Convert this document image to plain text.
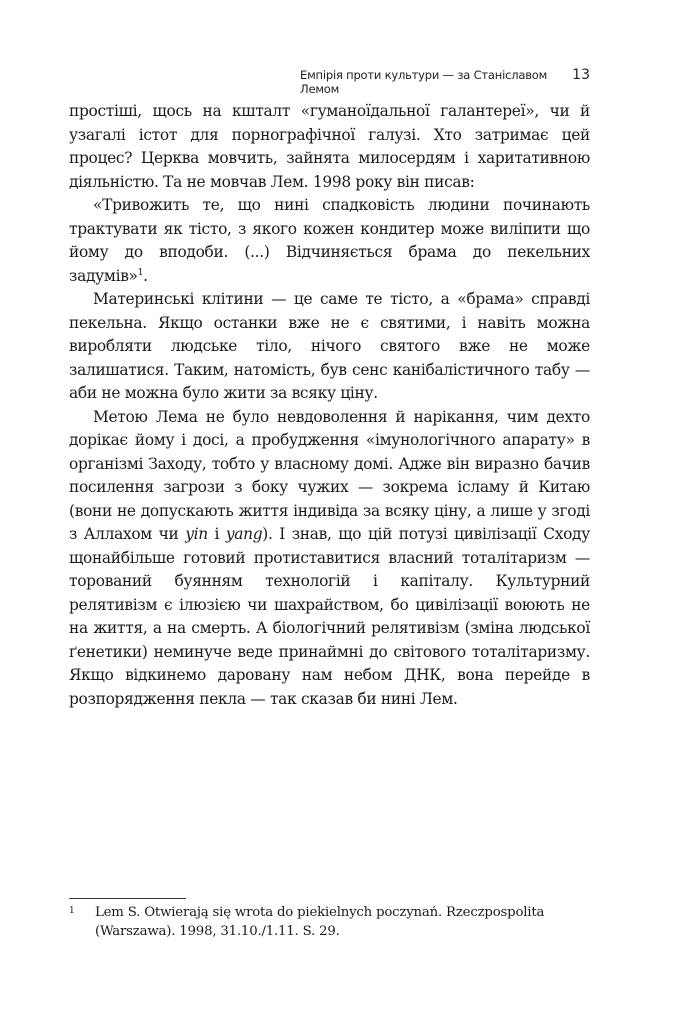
Емпірія проти культури — за Станіславом Лемом
13

простіші, щось на кшталт «гуманоїдальної галантереї», чи й узагалі істот для порнографічної галузі. Хто затримає цей процес? Церква мовчить, зайнята милосердям і харитативною діяльністю. Та не мовчав Лем. 1998 року він писав:

«Тривожить те, що нині спадковість людини починають трактувати як тісто, з якого кожен кондитер може виліпити що йому до вподоби. (...) Відчиняється брама до пекельних задумів»$^1$.

Материнські клітини — це саме те тісто, а «брама» справді пекельна. Якщо останки вже не є святими, і навіть можна виробляти людське тіло, нічого святого вже не може залишатися. Таким, натомість, був сенс канібалістичного табу — аби не можна було жити за всяку ціну.

Метою Лема не було невдоволення й нарікання, чим дехто дорікає йому і досі, а пробудження «імунологічного апарату» в організмі Заходу, тобто у власному домі. Адже він виразно бачив посилення загрози з боку чужих — зокрема ісламу й Китаю (вони не допускають життя індивіда за всяку ціну, а лише у згоді з Аллахом чи yin і yang). І знав, що цій потузі цивілізації Сходу щонайбільше готовий протиставитися власний тоталітаризм — торований буянням технологій і капіталу. Культурний релятивізм є ілюзією чи шахрайством, бо цивілізації воюють не на життя, а на смерть. А біологічний релятивізм (зміна людської ґенетики) неминуче веде принаймні до світового тоталітаризму. Якщо відкинемо даровану нам небом ДНК, вона перейде в розпорядження пекла — так сказав би нині Лем.

1	Lem S. Otwierają się wrota do piekielnych poczynań. Rzeczpospolita (Warszawa). 1998, 31.10./1.11. S. 29.
